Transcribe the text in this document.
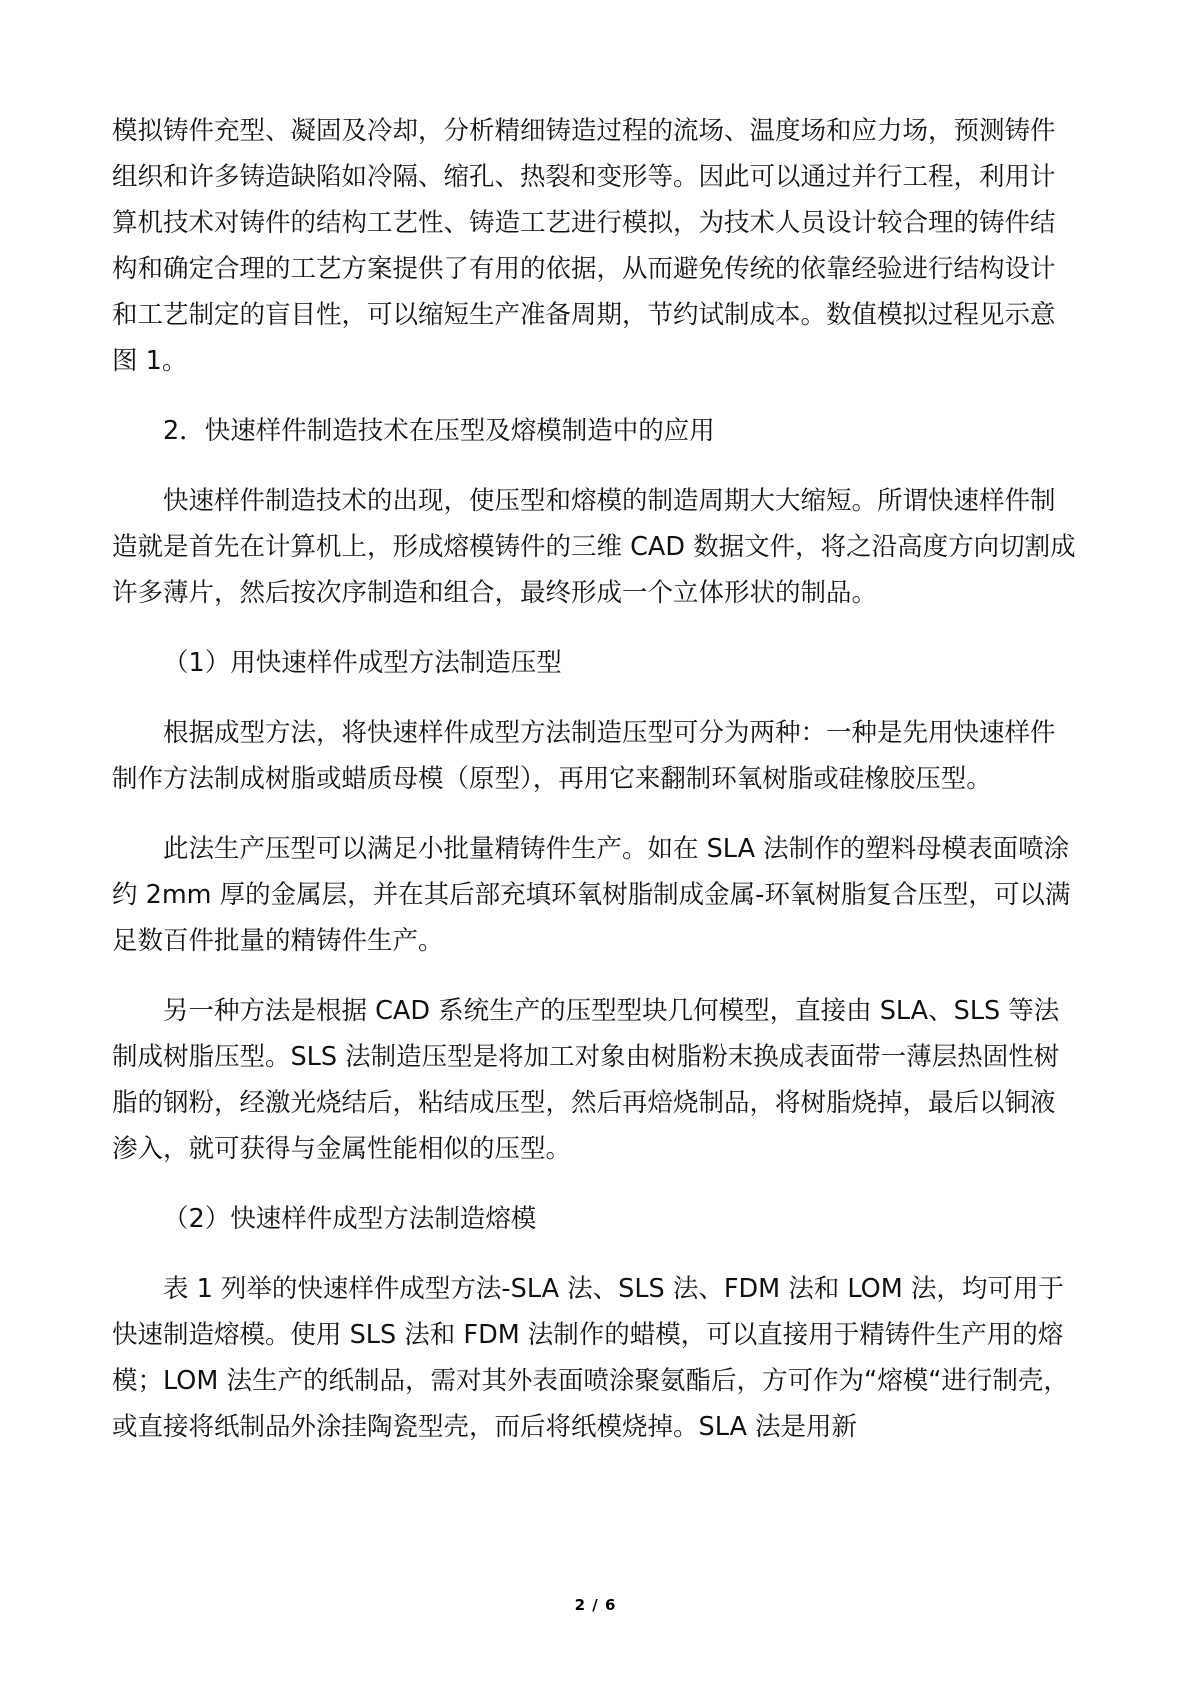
模拟铸件充型、凝固及冷却，分析精细铸造过程的流场、温度场和应力场，预测铸件组织和许多铸造缺陷如冷隔、缩孔、热裂和变形等。因此可以通过并行工程，利用计算机技术对铸件的结构工艺性、铸造工艺进行模拟，为技术人员设计较合理的铸件结构和确定合理的工艺方案提供了有用的依据，从而避免传统的依靠经验进行结构设计和工艺制定的盲目性，可以缩短生产准备周期，节约试制成本。数值模拟过程见示意图 1。

2．快速样件制造技术在压型及熔模制造中的应用

快速样件制造技术的出现，使压型和熔模的制造周期大大缩短。所谓快速样件制造就是首先在计算机上，形成熔模铸件的三维 CAD 数据文件，将之沿高度方向切割成许多薄片，然后按次序制造和组合，最终形成一个立体形状的制品。

（1）用快速样件成型方法制造压型

根据成型方法，将快速样件成型方法制造压型可分为两种：一种是先用快速样件制作方法制成树脂或蜡质母模（原型），再用它来翻制环氧树脂或硅橡胶压型。

此法生产压型可以满足小批量精铸件生产。如在 SLA 法制作的塑料母模表面喷涂约 2mm 厚的金属层，并在其后部充填环氧树脂制成金属-环氧树脂复合压型，可以满足数百件批量的精铸件生产。

另一种方法是根据 CAD 系统生产的压型型块几何模型，直接由 SLA、SLS 等法制成树脂压型。SLS 法制造压型是将加工对象由树脂粉末换成表面带一薄层热固性树脂的钢粉，经激光烧结后，粘结成压型，然后再焙烧制品，将树脂烧掉，最后以铜液渗入，就可获得与金属性能相似的压型。

（2）快速样件成型方法制造熔模

表 1 列举的快速样件成型方法-SLA 法、SLS 法、FDM 法和 LOM 法，均可用于快速制造熔模。使用 SLS 法和 FDM 法制作的蜡模，可以直接用于精铸件生产用的熔模；LOM 法生产的纸制品，需对其外表面喷涂聚氨酯后，方可作为“熔模“进行制壳，或直接将纸制品外涂挂陶瓷型壳，而后将纸模烧掉。SLA 法是用新

2 / 6
